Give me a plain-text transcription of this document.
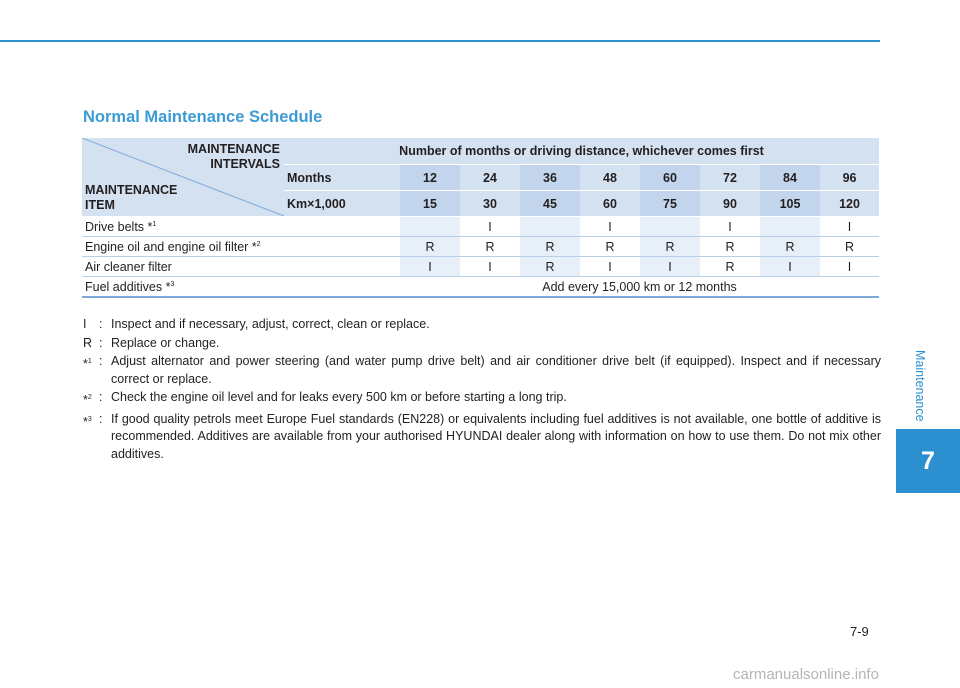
Normal Maintenance Schedule
MAINTENANCE
INTERVALS
MAINTENANCE
ITEM	Number of months or driving distance, whichever comes first								
	Months	12	24	36	48	60	72	84	96
	Km×1,000	15	30	45	60	75	90	105	120
Drive belts *$^1$			I		I		I		I
Engine oil and engine oil filter *$^2$		R	R	R	R	R	R	R	R
Air cleaner filter		I	I	R	I	I	R	I	I
Fuel additives *$^3$		Add every 15,000 km or 12 months							
I	: Inspect and if necessary, adjust, correct, clean or replace.
R : Replace or change.
*$^1$ : Adjust alternator and power steering (and water pump drive belt) and air conditioner drive belt (if equipped). Inspect and if necessary correct or replace.
*$^2$ : Check the engine oil level and for leaks every 500 km or before starting a long trip.
*$^3$ : If good quality petrols meet Europe Fuel standards (EN228) or equivalents including fuel additives is not available, one bottle of additive is recommended. Additives are available from your authorised HYUNDAI dealer along with information on how to use them. Do not mix other additives.
Maintenance
7
7-9
carmanualsonline.info
